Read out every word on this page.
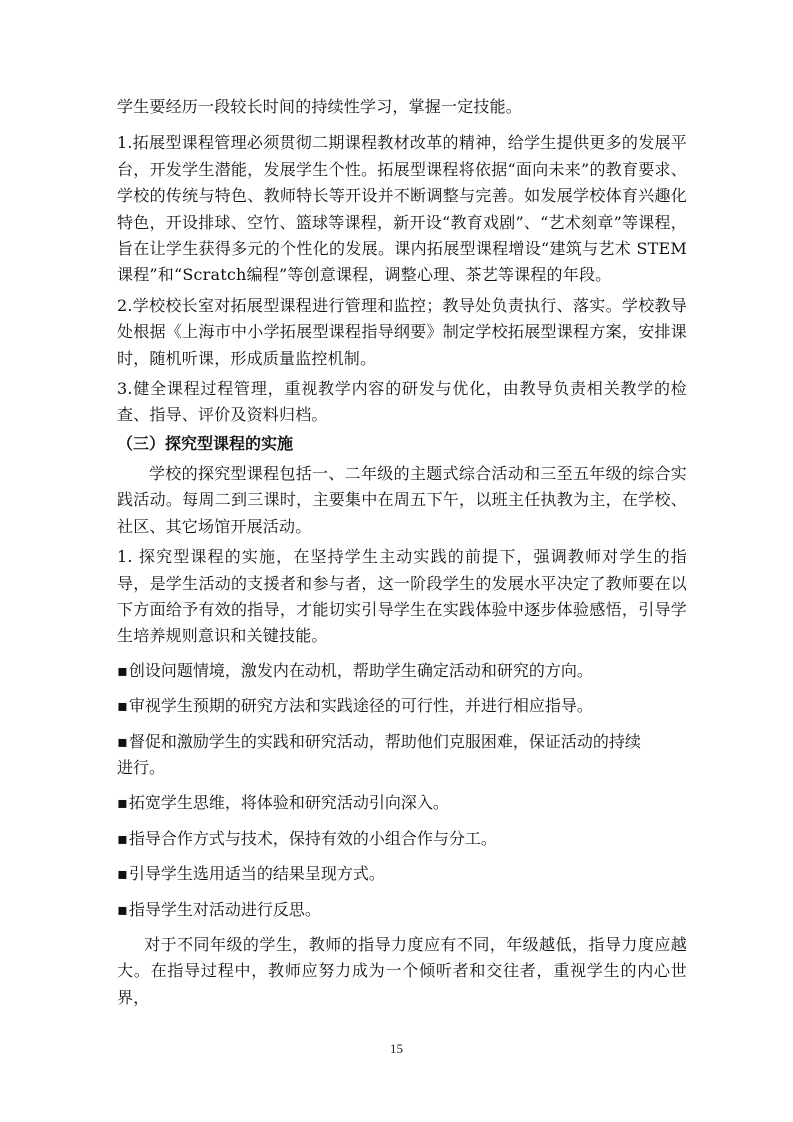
学生要经历一段较长时间的持续性学习，掌握一定技能。

1.拓展型课程管理必须贯彻二期课程教材改革的精神，给学生提供更多的发展平台，开发学生潜能，发展学生个性。拓展型课程将依据“面向未来”的教育要求、学校的传统与特色、教师特长等开设并不断调整与完善。如发展学校体育兴趣化特色，开设排球、空竹、篮球等课程，新开设“教育戏剧”、“艺术刻章”等课程，旨在让学生获得多元的个性化的发展。课内拓展型课程增设“建筑与艺术 STEM课程”和“Scratch编程”等创意课程，调整心理、茶艺等课程的年段。

2.学校校长室对拓展型课程进行管理和监控；教导处负责执行、落实。学校教导处根据《上海市中小学拓展型课程指导纲要》制定学校拓展型课程方案，安排课时，随机听课，形成质量监控机制。

3.健全课程过程管理，重视教学内容的研发与优化，由教导负责相关教学的检查、指导、评价及资料归档。

（三）探究型课程的实施

学校的探究型课程包括一、二年级的主题式综合活动和三至五年级的综合实践活动。每周二到三课时，主要集中在周五下午，以班主任执教为主，在学校、社区、其它场馆开展活动。

1. 探究型课程的实施，在坚持学生主动实践的前提下，强调教师对学生的指导，是学生活动的支援者和参与者，这一阶段学生的发展水平决定了教师要在以下方面给予有效的指导，才能切实引导学生在实践体验中逐步体验感悟，引导学生培养规则意识和关键技能。

▪创设问题情境，激发内在动机，帮助学生确定活动和研究的方向。
▪审视学生预期的研究方法和实践途径的可行性，并进行相应指导。
▪督促和激励学生的实践和研究活动，帮助他们克服困难，保证活动的持续进行。
▪拓宽学生思维，将体验和研究活动引向深入。
▪指导合作方式与技术，保持有效的小组合作与分工。
▪引导学生选用适当的结果呈现方式。
▪指导学生对活动进行反思。

对于不同年级的学生，教师的指导力度应有不同，年级越低，指导力度应越大。在指导过程中，教师应努力成为一个倾听者和交往者，重视学生的内心世界，

15
